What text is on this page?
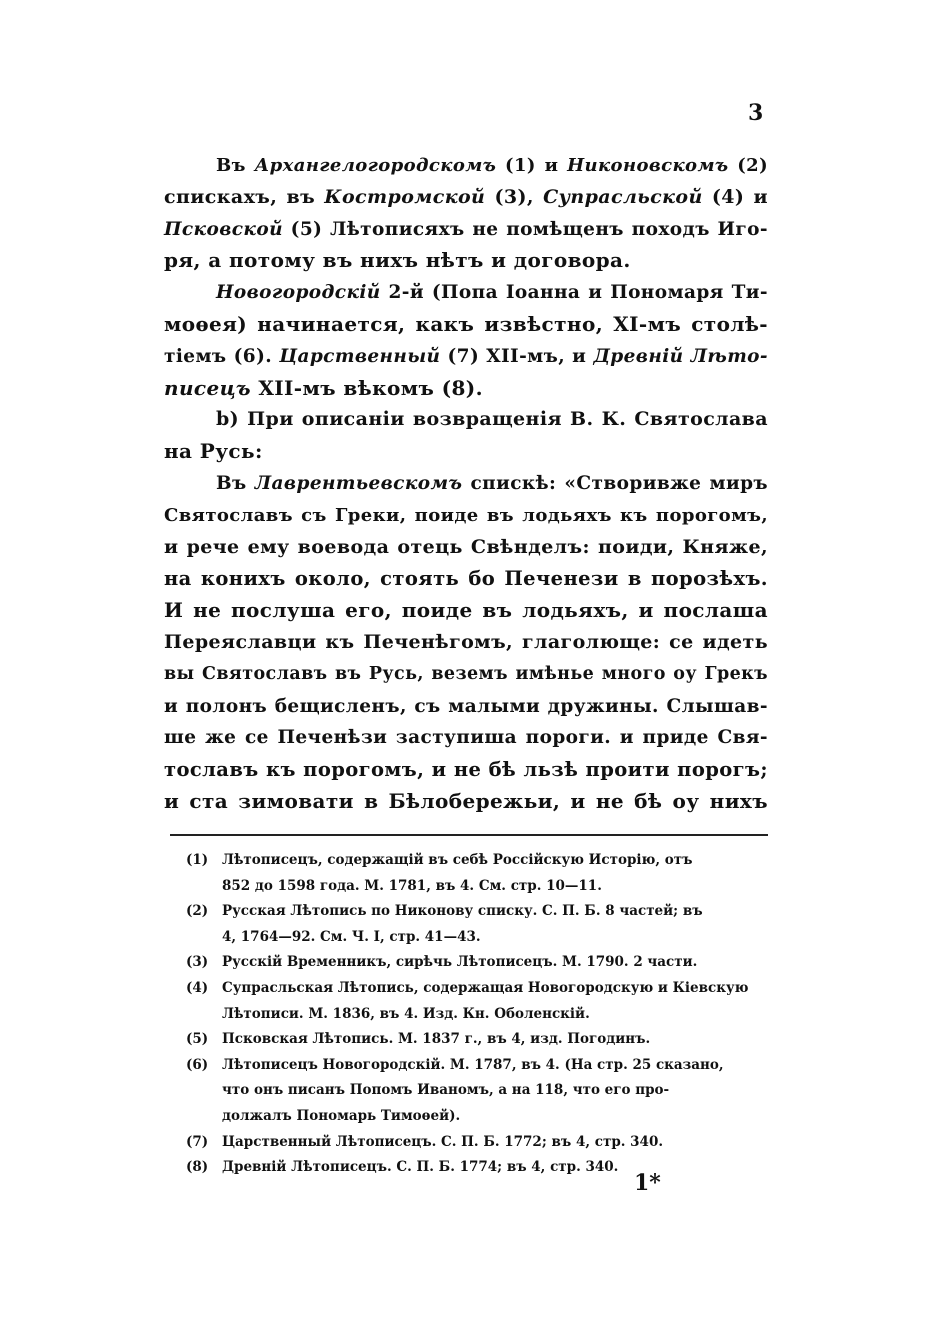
3
Въ Архангелогородскомъ (1) и Никоновскомъ (2)
спискахъ, въ Костромской (3), Супрасльской (4) и
Псковской (5) Лѣтописяхъ не помѣщенъ походъ Иго-
ря, а потому въ нихъ нѣтъ и договора.
Новогородскій 2-й (Попа Іоанна и Пономаря Ти-
моѳея) начинается, какъ извѣстно, XI-мъ столѣ-
тіемъ (6). Царственный (7) XII-мъ, и Древній Лѣто-
писецъ XII-мъ вѣкомъ (8).
b) При описаніи возвращенія В. К. Святослава
на Русь:
Въ Лаврентьевскомъ спискѣ: «Створивже миръ
Святославъ съ Греки, поиде въ лодьяхъ къ порогомъ,
и рече ему воевода отець Свѣнделъ: поиди, Княже,
на конихъ около, стоять бо Печенези в порозѣхъ.
И не послуша его, поиде въ лодьяхъ, и послаша
Переяславци къ Печенѣгомъ, глаголюще: се идеть
вы Святославъ въ Русь, веземъ имѣнье много оу Грекъ
и полонъ бещисленъ, съ малыми дружины. Слышав-
ше же се Печенѣзи заступиша пороги. и приде Свя-
тославъ къ порогомъ, и не бѣ льзѣ проити порогъ;
и ста зимовати в Бѣлобережьи, и не бѣ оу нихъ
(1)	Лѣтописецъ, содержащій въ себѣ Россійскую Исторію, отъ
852 до 1598 года. М. 1781, въ 4. См. стр. 10—11.
(2)	Русская Лѣтопись по Никонову списку. С. П. Б. 8 частей; въ
4, 1764—92. См. Ч. I, стр. 41—43.
(3)	Русскій Временникъ, сирѣчь Лѣтописецъ. М. 1790. 2 части.
(4)	Супрасльская Лѣтопись, содержащая Новогородскую и Кіевскую
Лѣтописи. М. 1836, въ 4. Изд. Кн. Оболенскій.
(5)	Псковская Лѣтопись. М. 1837 г., въ 4, изд. Погодинъ.
(6)	Лѣтописецъ Новогородскій. М. 1787, въ 4. (На стр. 25 сказано,
что онъ писанъ Попомъ Иваномъ, а на 118, что его про-
должалъ Пономарь Тимоѳей).
(7)	Царственный Лѣтописецъ. С. П. Б. 1772; въ 4, стр. 340.
(8)	Древній Лѣтописецъ. С. П. Б. 1774; въ 4, стр. 340.
1*
